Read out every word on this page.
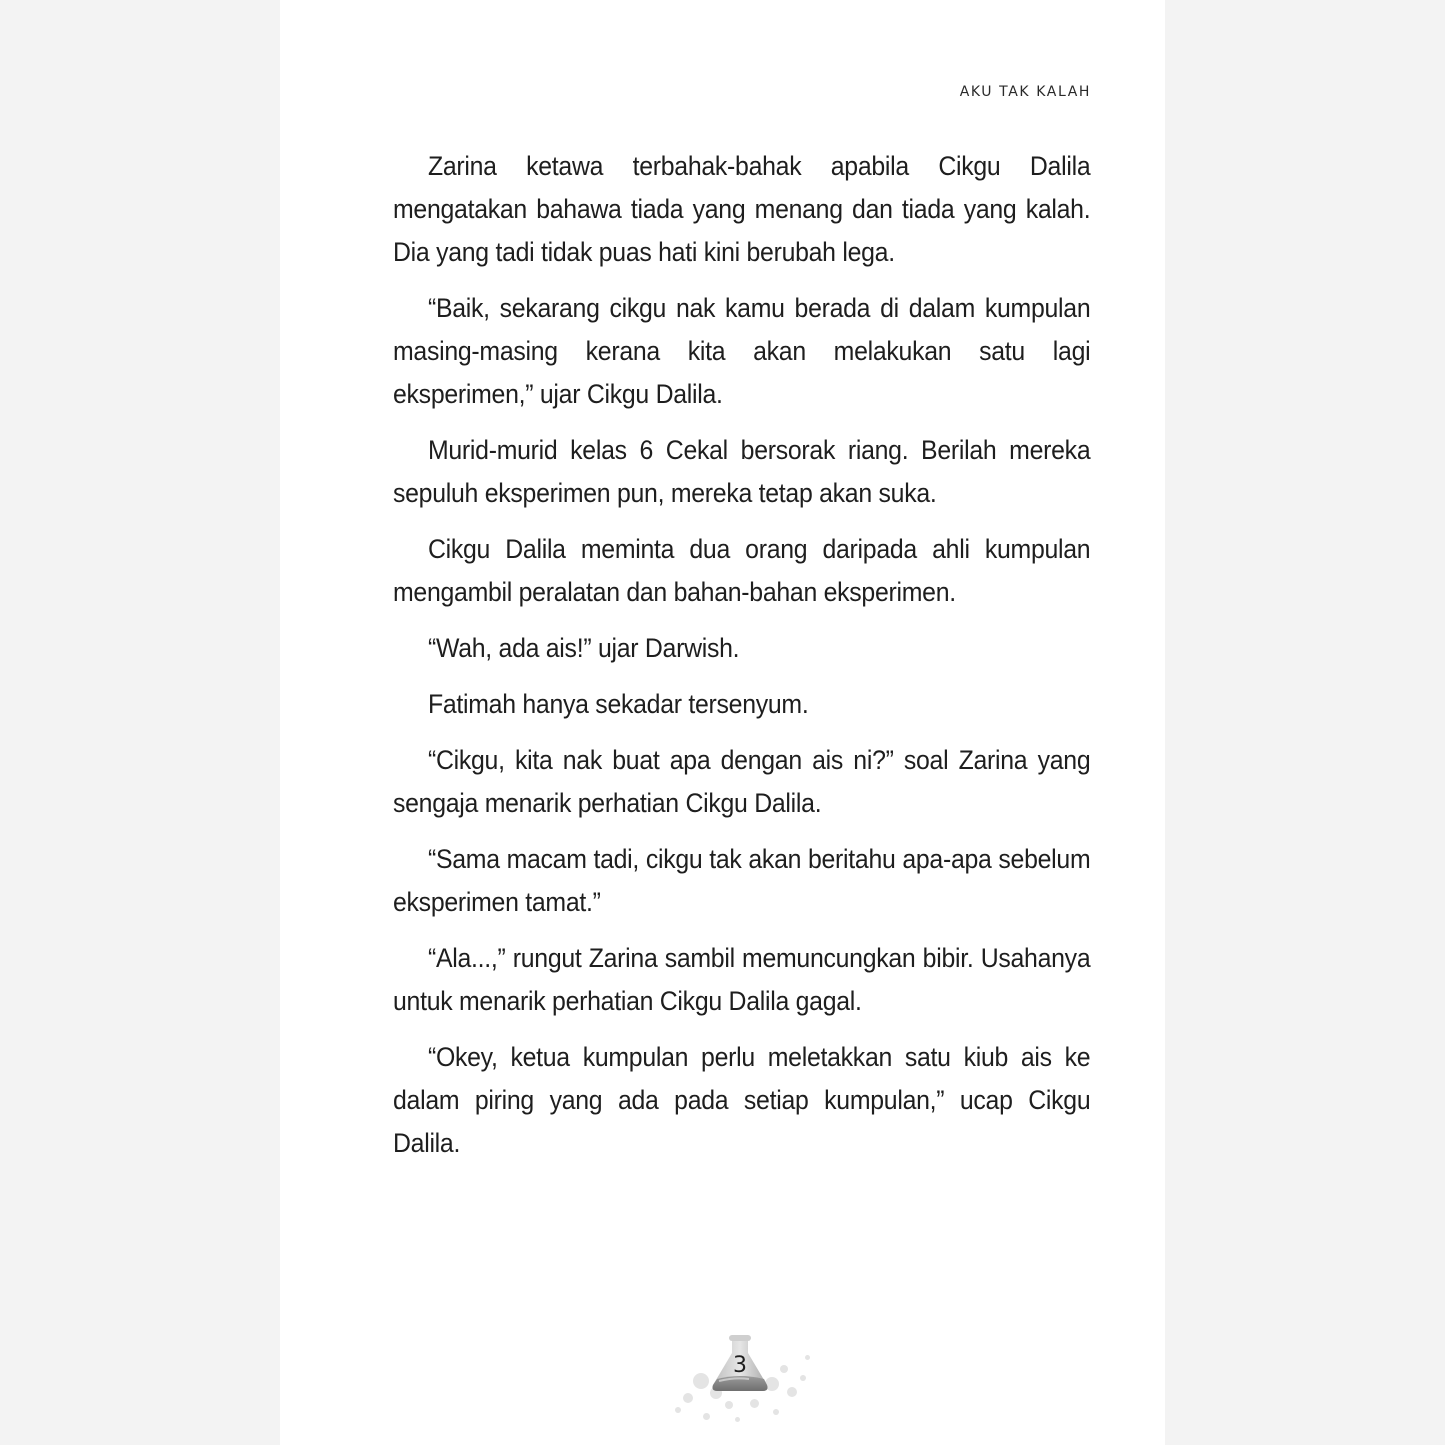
AKU TAK KALAH

Zarina ketawa terbahak-bahak apabila Cikgu Dalila mengatakan bahawa tiada yang menang dan tiada yang kalah. Dia yang tadi tidak puas hati kini berubah lega.

“Baik, sekarang cikgu nak kamu berada di dalam kumpulan masing-masing kerana kita akan melakukan satu lagi eksperimen,” ujar Cikgu Dalila.

Murid-murid kelas 6 Cekal bersorak riang. Berilah mereka sepuluh eksperimen pun, mereka tetap akan suka.

Cikgu Dalila meminta dua orang daripada ahli kumpulan mengambil peralatan dan bahan-bahan eksperimen.

“Wah, ada ais!” ujar Darwish.

Fatimah hanya sekadar tersenyum.

“Cikgu, kita nak buat apa dengan ais ni?” soal Zarina yang sengaja menarik perhatian Cikgu Dalila.

“Sama macam tadi, cikgu tak akan beritahu apa-apa sebelum eksperimen tamat.”

“Ala...,” rungut Zarina sambil memuncungkan bibir. Usahanya untuk menarik perhatian Cikgu Dalila gagal.

“Okey, ketua kumpulan perlu meletakkan satu kiub ais ke dalam piring yang ada pada setiap kumpulan,” ucap Cikgu Dalila.

3
